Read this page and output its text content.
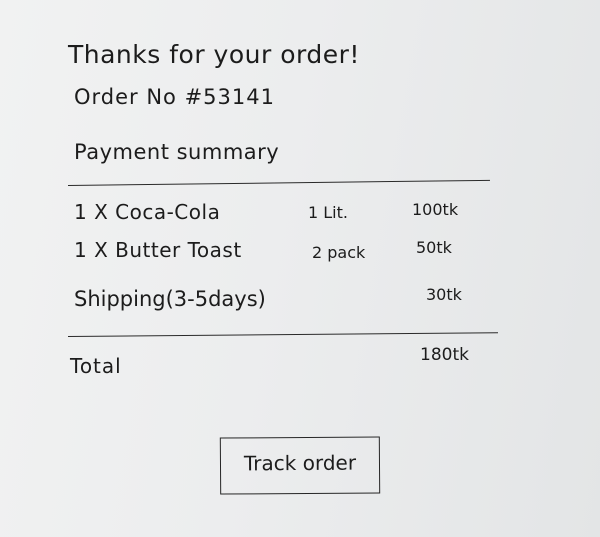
Thanks for your order!
Order No #53141
Payment summary
1 X Coca-Cola	1 Lit.	100tk
1 X Butter Toast	2 pack	50tk
Shipping(3-5days)	30tk
Total	180tk
Track order
